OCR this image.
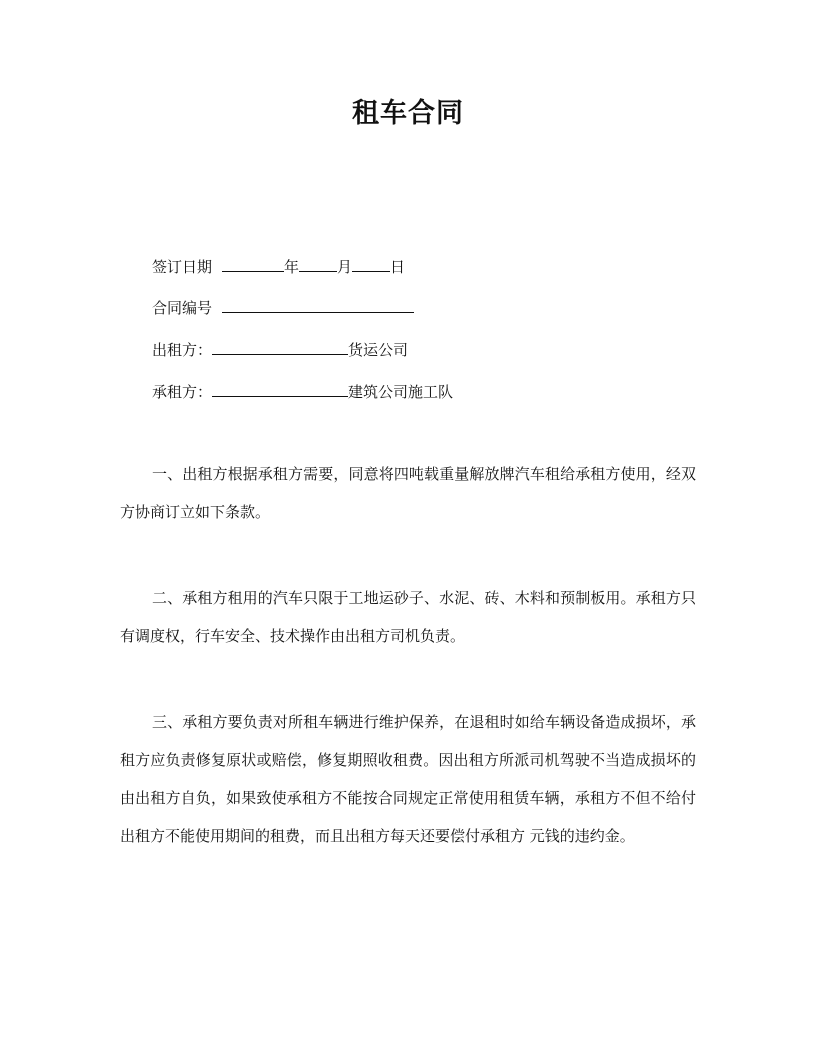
租车合同
签订日期	年	月	日
合同编号
出租方：	货运公司
承租方：	建筑公司施工队

一、出租方根据承租方需要，同意将四吨载重量解放牌汽车租给承租方使用，经双方协商订立如下条款。

二、承租方租用的汽车只限于工地运砂子、水泥、砖、木料和预制板用。承租方只有调度权，行车安全、技术操作由出租方司机负责。

三、承租方要负责对所租车辆进行维护保养，在退租时如给车辆设备造成损坏，承租方应负责修复原状或赔偿，修复期照收租费。因出租方所派司机驾驶不当造成损坏的由出租方自负，如果致使承租方不能按合同规定正常使用租赁车辆，承租方不但不给付出租方不能使用期间的租费，而且出租方每天还要偿付承租方 元钱的违约金。
